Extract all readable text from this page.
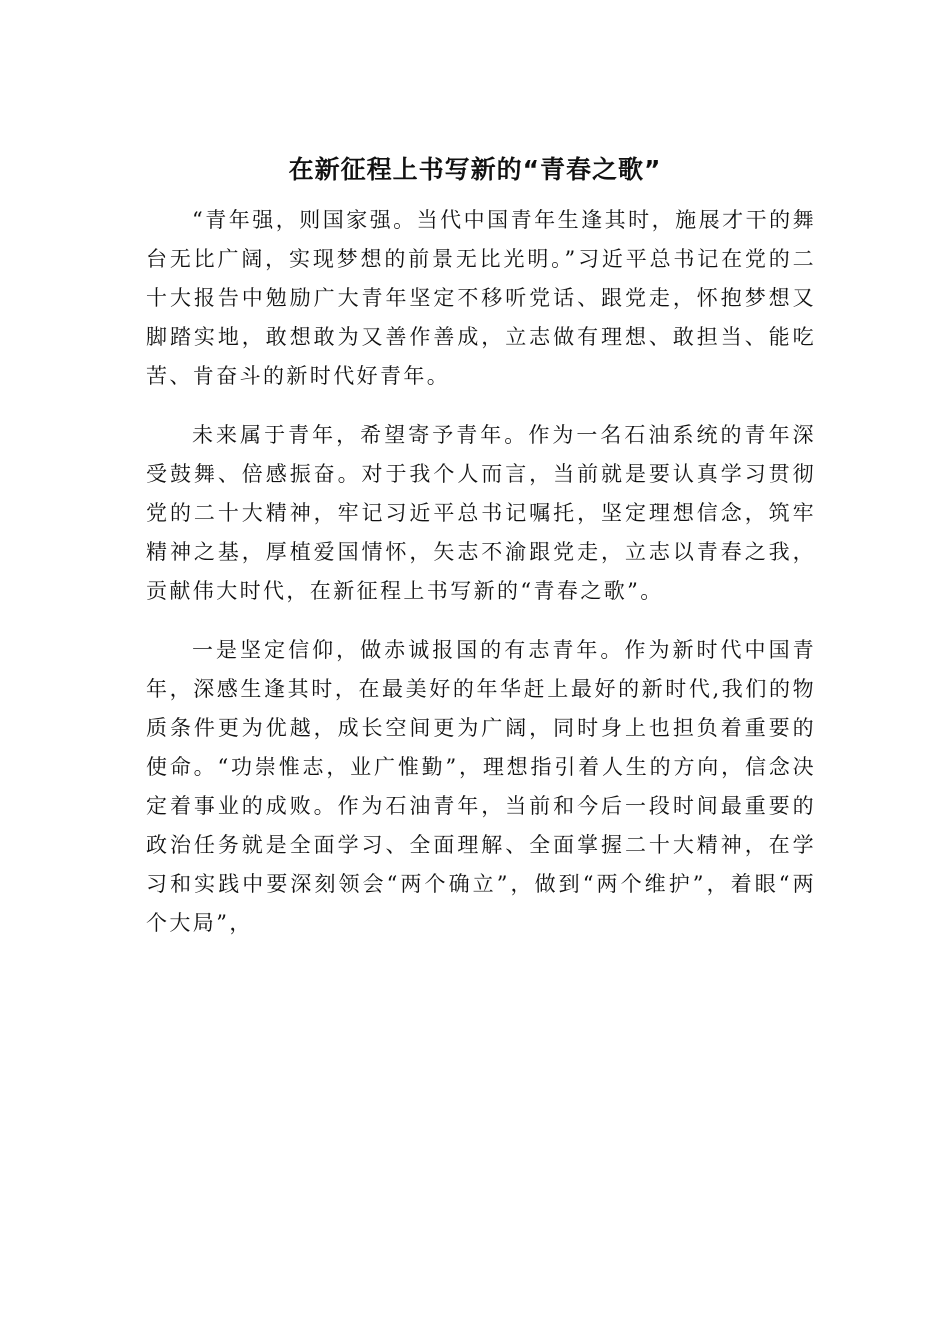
在新征程上书写新的“青春之歌”

“青年强，则国家强。当代中国青年生逢其时，施展才干的舞台无比广阔，实现梦想的前景无比光明。”习近平总书记在党的二十大报告中勉励广大青年坚定不移听党话、跟党走，怀抱梦想又脚踏实地，敢想敢为又善作善成，立志做有理想、敢担当、能吃苦、肯奋斗的新时代好青年。

未来属于青年，希望寄予青年。作为一名石油系统的青年深受鼓舞、倍感振奋。对于我个人而言，当前就是要认真学习贯彻党的二十大精神，牢记习近平总书记嘱托，坚定理想信念，筑牢精神之基，厚植爱国情怀，矢志不渝跟党走，立志以青春之我，贡献伟大时代，在新征程上书写新的“青春之歌”。

一是坚定信仰，做赤诚报国的有志青年。作为新时代中国青年，深感生逢其时，在最美好的年华赶上最好的新时代,我们的物质条件更为优越，成长空间更为广阔，同时身上也担负着重要的使命。“功崇惟志，业广惟勤”，理想指引着人生的方向，信念决定着事业的成败。作为石油青年，当前和今后一段时间最重要的政治任务就是全面学习、全面理解、全面掌握二十大精神，在学习和实践中要深刻领会“两个确立”，做到“两个维护”，着眼“两个大局”，
